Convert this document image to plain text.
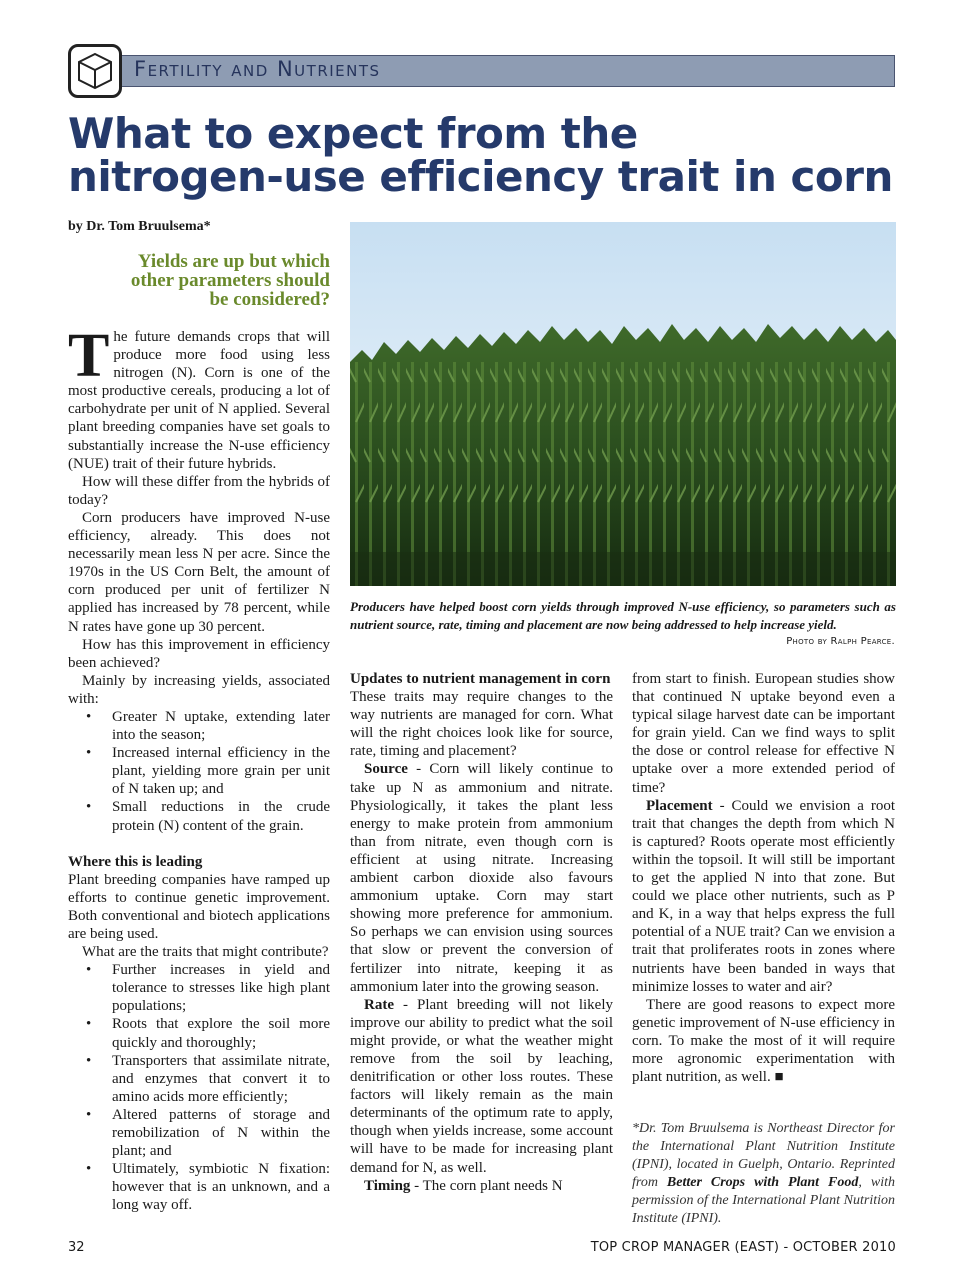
Fertility and Nutrients
What to expect from the
nitrogen-use efficiency trait in corn
by Dr. Tom Bruulsema*
Yields are up but which
other parameters should
be considered?

The future demands crops that will produce more food using less nitrogen (N). Corn is one of the most productive cereals, producing a lot of carbohydrate per unit of N applied. Several plant breeding companies have set goals to substantially increase the N-use efficiency (NUE) trait of their future hybrids.

How will these differ from the hybrids of today?

Corn producers have improved N-use efficiency, already. This does not necessarily mean less N per acre. Since the 1970s in the US Corn Belt, the amount of corn produced per unit of fertilizer N applied has increased by 78 percent, while N rates have gone up 30 percent.

How has this improvement in efficiency been achieved?

Mainly by increasing yields, associated with:

• Greater N uptake, extending later into the season;
• Increased internal efficiency in the plant, yielding more grain per unit of N taken up; and
• Small reductions in the crude protein (N) content of the grain.

Where this is leading

Plant breeding companies have ramped up efforts to continue genetic improvement. Both conventional and biotech applications are being used.

What are the traits that might contribute?

• Further increases in yield and tolerance to stresses like high plant populations;
• Roots that explore the soil more quickly and thoroughly;
• Transporters that assimilate nitrate, and enzymes that convert it to amino acids more efficiently;
• Altered patterns of storage and remobilization of N within the plant; and
• Ultimately, symbiotic N fixation: however that is an unknown, and a long way off.
Producers have helped boost corn yields through improved N-use efficiency, so parameters such as nutrient source, rate, timing and placement are now being addressed to help increase yield.
Photo by Ralph Pearce.

Updates to nutrient management in corn

These traits may require changes to the way nutrients are managed for corn. What will the right choices look like for source, rate, timing and placement?

Source - Corn will likely continue to take up N as ammonium and nitrate. Physiologically, it takes the plant less energy to make protein from ammonium than from nitrate, even though corn is efficient at using nitrate. Increasing ambient carbon dioxide also favours ammonium uptake. Corn may start showing more preference for ammonium. So perhaps we can envision using sources that slow or prevent the conversion of fertilizer into nitrate, keeping it as ammonium later into the growing season.

Rate - Plant breeding will not likely improve our ability to predict what the soil might provide, or what the weather might remove from the soil by leaching, denitrification or other loss routes. These factors will likely remain as the main determinants of the optimum rate to apply, though when yields increase, some account will have to be made for increasing plant demand for N, as well.

Timing - The corn plant needs N

from start to finish. European studies show that continued N uptake beyond even a typical silage harvest date can be important for grain yield. Can we find ways to split the dose or control release for effective N uptake over a more extended period of time?

Placement - Could we envision a root trait that changes the depth from which N is captured? Roots operate most efficiently within the topsoil. It will still be important to get the applied N into that zone. But could we place other nutrients, such as P and K, in a way that helps express the full potential of a NUE trait? Can we envision a trait that proliferates roots in zones where nutrients have been banded in ways that minimize losses to water and air?

There are good reasons to expect more genetic improvement of N-use efficiency in corn. To make the most of it will require more agronomic experimentation with plant nutrition, as well. ■

*Dr. Tom Bruulsema is Northeast Director for the International Plant Nutrition Institute (IPNI), located in Guelph, Ontario. Reprinted from Better Crops with Plant Food, with permission of the International Plant Nutrition Institute (IPNI).
32	TOP CROP MANAGER (EAST) - OCTOBER 2010
